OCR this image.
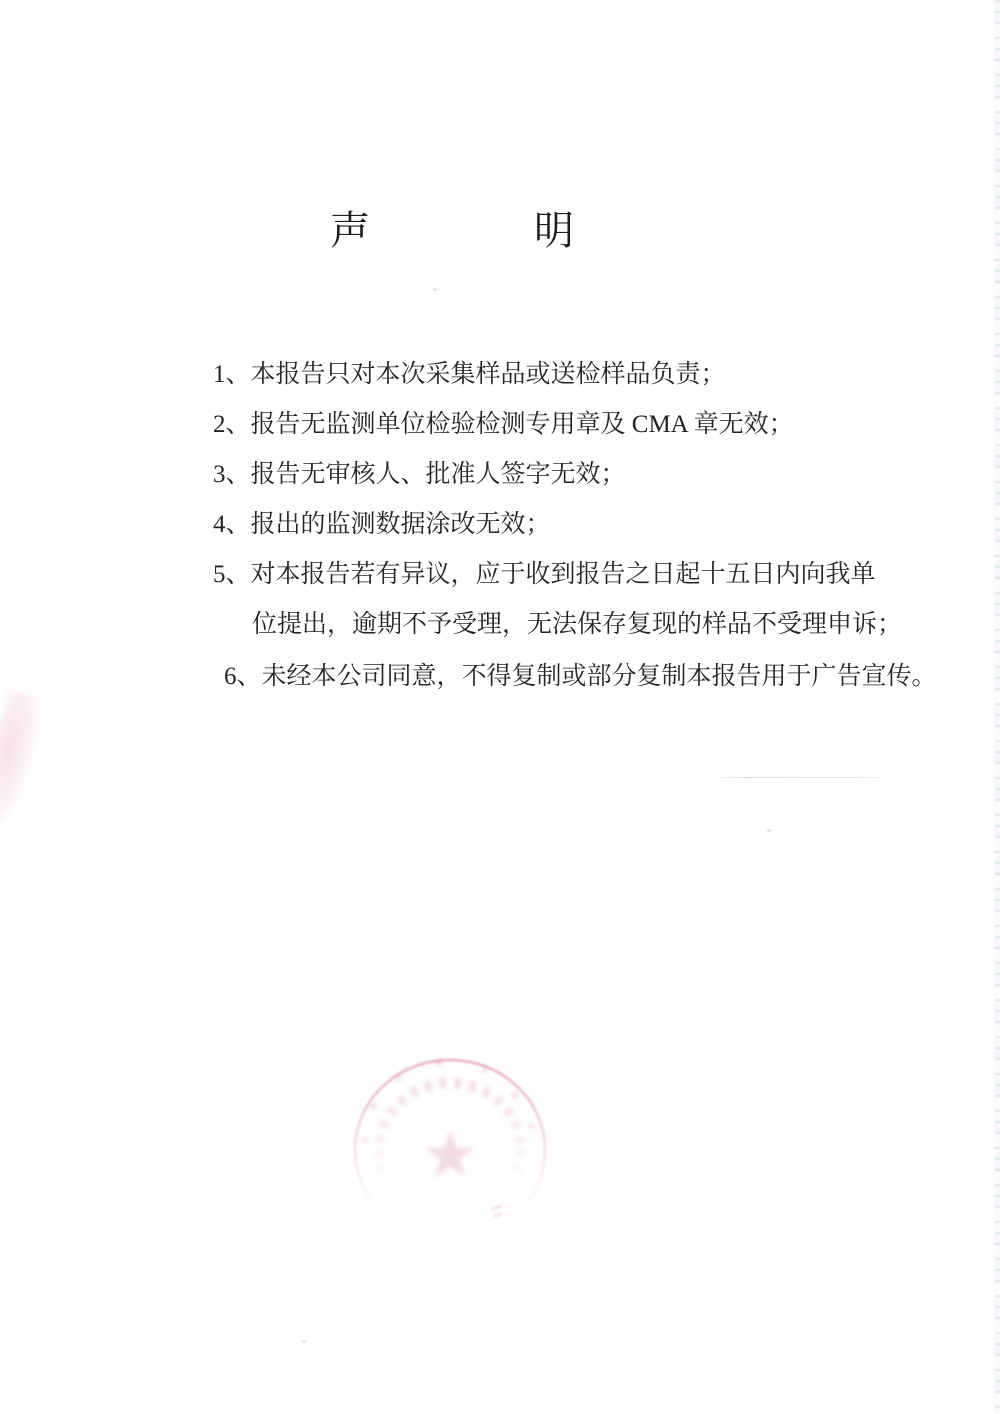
声明
1、本报告只对本次采集样品或送检样品负责；
2、报告无监测单位检验检测专用章及 CMA 章无效；
3、报告无审核人、批准人签字无效；
4、报出的监测数据涂改无效；
5、对本报告若有异议，应于收到报告之日起十五日内向我单
位提出，逾期不予受理，无法保存复现的样品不受理申诉；
6、未经本公司同意，不得复制或部分复制本报告用于广告宣传。
